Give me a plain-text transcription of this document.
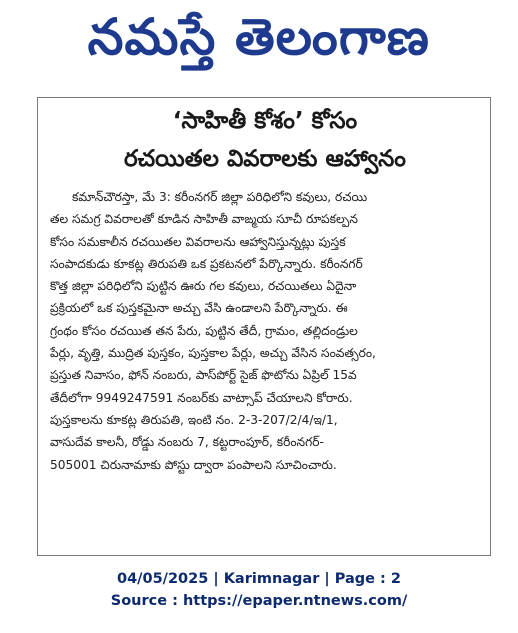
నమస్తే తెలంగాణ
‘సాహితీ కోశం’ కోసం
రచయితల వివరాలకు ఆహ్వానం
కమాన్‌చౌరస్తా, మే 3: కరీంనగర్ జిల్లా పరిధిలోని కవులు, రచయి
తల సమగ్ర వివరాలతో కూడిన సాహితీ వాఙ్మయ సూచీ రూపకల్పన
కోసం సమకాలీన రచయితల వివరాలను ఆహ్వానిస్తున్నట్లు పుస్తక
సంపాదకుడు కూకట్ల తిరుపతి ఒక ప్రకటనలో పేర్కొన్నారు. కరీంనగర్
కొత్త జిల్లా పరిధిలోని పుట్టిన ఊరు గల కవులు, రచయితలు ఏదైనా
ప్రక్రియలో ఒక పుస్తకమైనా అచ్చు వేసి ఉండాలని పేర్కొన్నారు. ఈ
గ్రంథం కోసం రచయిత తన పేరు, పుట్టిన తేదీ, గ్రామం, తల్లిదండ్రుల
పేర్లు, వృత్తి, ముద్రిత పుస్తకం, పుస్తకాల పేర్లు, అచ్చు వేసిన సంవత్సరం,
ప్రస్తుత నివాసం, ఫోన్ నంబరు, పాస్‌పోర్ట్ సైజ్ ఫొటోను ఏప్రిల్ 15వ
తేదీలోగా 9949247591 నంబర్‌కు వాట్సాప్ చేయాలని కోరారు.
పుస్తకాలను కూకట్ల తిరుపతి, ఇంటి నం. 2-3-207/2/4/ఇ/1,
వాసుదేవ కాలనీ, రోడ్డు నంబరు 7, కట్టరాంపూర్, కరీంనగర్-
505001 చిరునామాకు పోస్టు ద్వారా పంపాలని సూచించారు.
04/05/2025 | Karimnagar | Page : 2
Source : https://epaper.ntnews.com/
